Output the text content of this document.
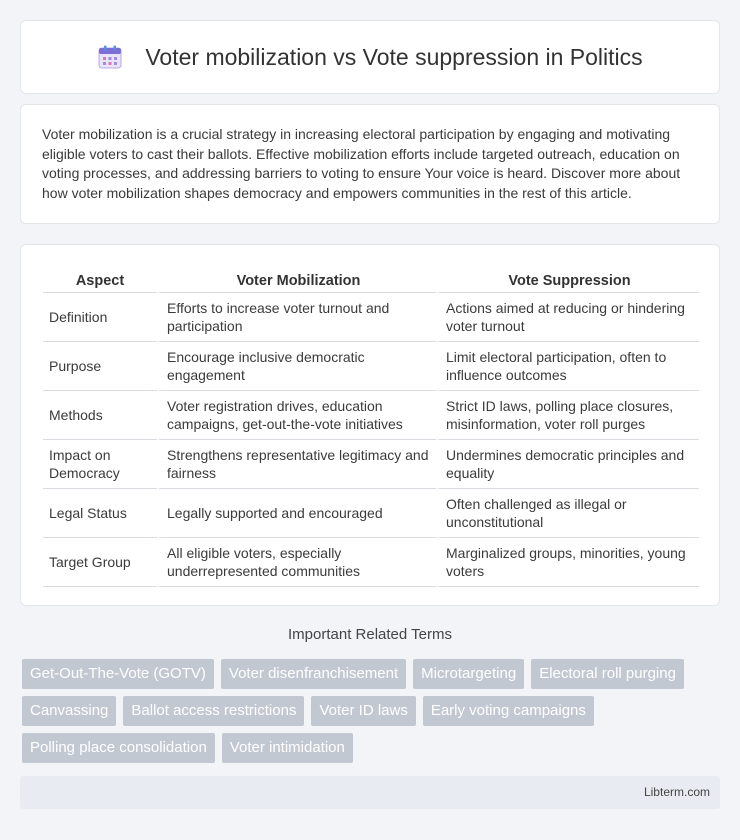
Voter mobilization vs Vote suppression in Politics

Voter mobilization is a crucial strategy in increasing electoral participation by engaging and motivating eligible voters to cast their ballots. Effective mobilization efforts include targeted outreach, education on voting processes, and addressing barriers to voting to ensure Your voice is heard. Discover more about how voter mobilization shapes democracy and empowers communities in the rest of this article.

Aspect	Voter Mobilization	Vote Suppression
Definition	Efforts to increase voter turnout and participation	Actions aimed at reducing or hindering voter turnout
Purpose	Encourage inclusive democratic engagement	Limit electoral participation, often to influence outcomes
Methods	Voter registration drives, education campaigns, get-out-the-vote initiatives	Strict ID laws, polling place closures, misinformation, voter roll purges
Impact on Democracy	Strengthens representative legitimacy and fairness	Undermines democratic principles and equality
Legal Status	Legally supported and encouraged	Often challenged as illegal or unconstitutional
Target Group	All eligible voters, especially underrepresented communities	Marginalized groups, minorities, young voters
Important Related Terms
Get-Out-The-Vote (GOTV)	Voter disenfranchisement	Microtargeting	Electoral roll purging
Canvassing	Ballot access restrictions	Voter ID laws	Early voting campaigns
Polling place consolidation	Voter intimidation
Libterm.com
